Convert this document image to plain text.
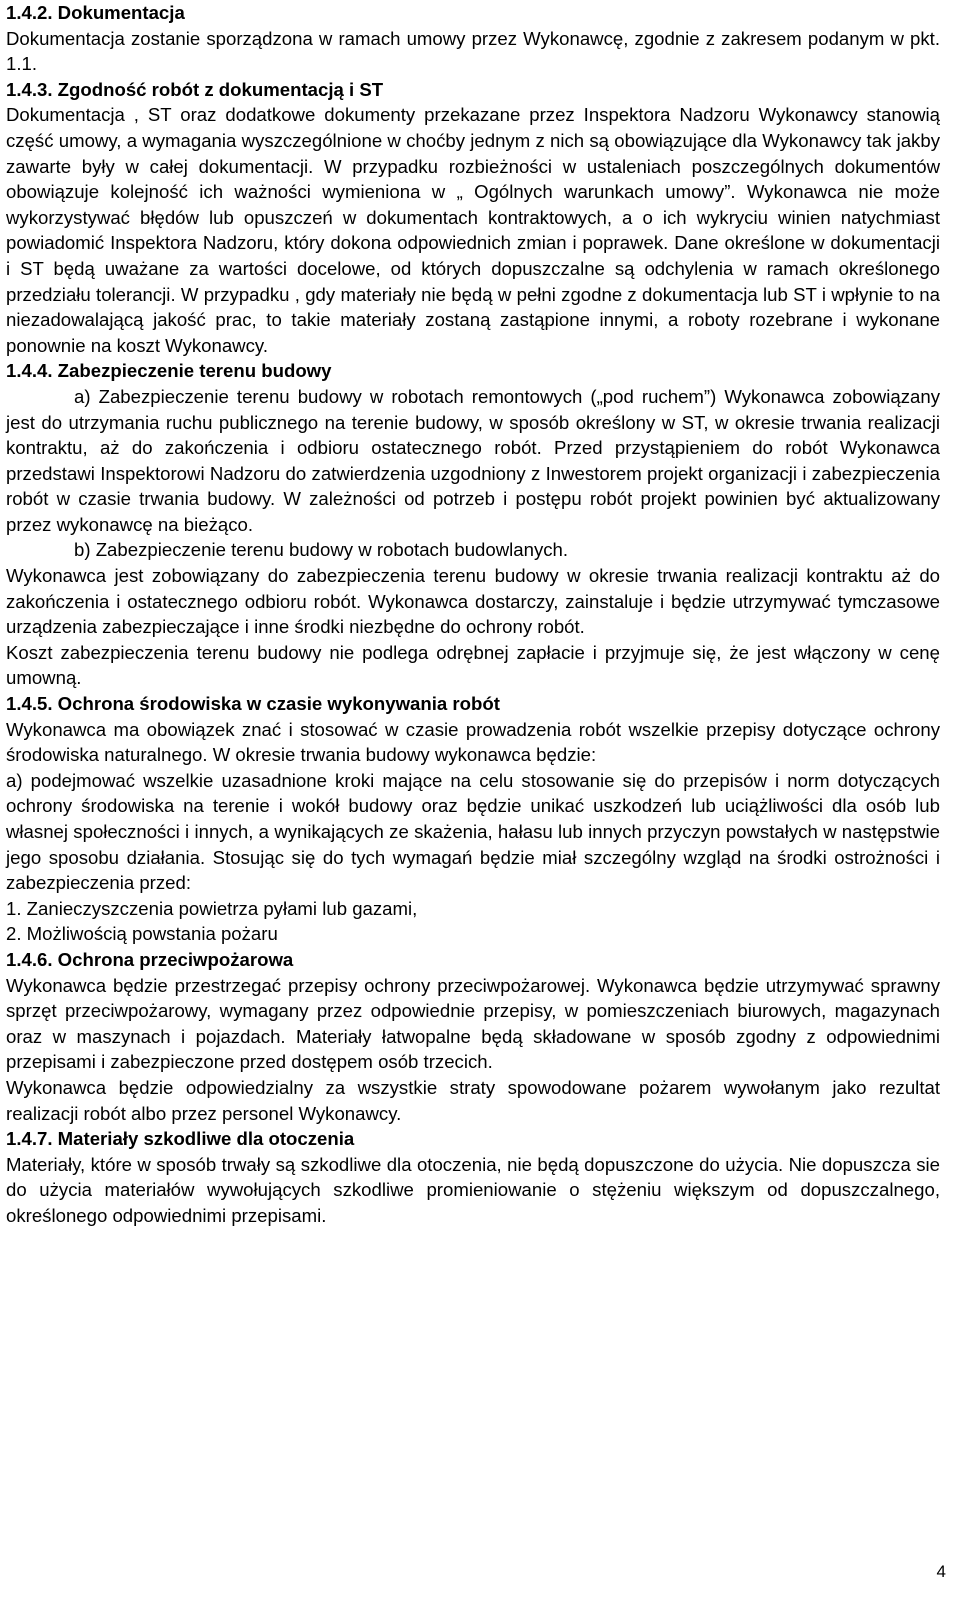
1.4.2. Dokumentacja

Dokumentacja zostanie sporządzona w ramach umowy przez Wykonawcę, zgodnie z zakresem podanym w pkt. 1.1.

1.4.3. Zgodność robót z dokumentacją i ST

Dokumentacja , ST oraz dodatkowe dokumenty przekazane przez Inspektora Nadzoru Wykonawcy stanowią część umowy, a wymagania wyszczególnione w choćby jednym z nich są obowiązujące dla Wykonawcy tak jakby zawarte były w całej dokumentacji. W przypadku rozbieżności w ustaleniach poszczególnych dokumentów obowiązuje kolejność ich ważności wymieniona w „ Ogólnych warunkach umowy”. Wykonawca nie może wykorzystywać błędów lub opuszczeń w dokumentach kontraktowych, a o ich wykryciu winien natychmiast powiadomić Inspektora Nadzoru, który dokona odpowiednich zmian i poprawek. Dane określone w dokumentacji i ST będą uważane za wartości docelowe, od których dopuszczalne są odchylenia w ramach określonego przedziału tolerancji. W przypadku , gdy materiały nie będą w pełni zgodne z dokumentacja lub ST i wpłynie to na niezadowalającą jakość prac, to takie materiały zostaną zastąpione innymi, a roboty rozebrane i wykonane ponownie na koszt Wykonawcy.

1.4.4. Zabezpieczenie terenu budowy

a) Zabezpieczenie terenu budowy w robotach remontowych („pod ruchem”) Wykonawca zobowiązany jest do utrzymania ruchu publicznego na terenie budowy, w sposób określony w ST, w okresie trwania realizacji kontraktu, aż do zakończenia i odbioru ostatecznego robót. Przed przystąpieniem do robót Wykonawca przedstawi Inspektorowi Nadzoru do zatwierdzenia uzgodniony z Inwestorem projekt organizacji i zabezpieczenia robót w czasie trwania budowy. W zależności od potrzeb i postępu robót projekt powinien być aktualizowany przez wykonawcę na bieżąco.

b) Zabezpieczenie terenu budowy w robotach budowlanych.

Wykonawca jest zobowiązany do zabezpieczenia terenu budowy w okresie trwania realizacji kontraktu aż do zakończenia i ostatecznego odbioru robót. Wykonawca dostarczy, zainstaluje i będzie utrzymywać tymczasowe urządzenia zabezpieczające i inne środki niezbędne do ochrony robót.

Koszt zabezpieczenia terenu budowy nie podlega odrębnej zapłacie i przyjmuje się, że jest włączony w cenę umowną.

1.4.5. Ochrona środowiska w czasie wykonywania robót

Wykonawca ma obowiązek znać i stosować w czasie prowadzenia robót wszelkie przepisy dotyczące ochrony środowiska naturalnego. W okresie trwania budowy wykonawca będzie:

a) podejmować wszelkie uzasadnione kroki mające na celu stosowanie się do przepisów i norm dotyczących ochrony środowiska na terenie i wokół budowy oraz będzie unikać uszkodzeń lub uciążliwości dla osób lub własnej społeczności i innych, a wynikających ze skażenia, hałasu lub innych przyczyn powstałych w następstwie jego sposobu działania. Stosując się do tych wymagań będzie miał szczególny wzgląd na środki ostrożności i zabezpieczenia przed:

1. Zanieczyszczenia powietrza pyłami lub gazami,

2. Możliwością powstania pożaru

1.4.6. Ochrona przeciwpożarowa

Wykonawca będzie przestrzegać przepisy ochrony przeciwpożarowej. Wykonawca będzie utrzymywać sprawny sprzęt przeciwpożarowy, wymagany przez odpowiednie przepisy, w pomieszczeniach biurowych, magazynach oraz w maszynach i pojazdach. Materiały łatwopalne będą składowane w sposób zgodny z odpowiednimi przepisami i zabezpieczone przed dostępem osób trzecich.

Wykonawca będzie odpowiedzialny za wszystkie straty spowodowane pożarem wywołanym jako rezultat realizacji robót albo przez personel Wykonawcy.

1.4.7. Materiały szkodliwe dla otoczenia

Materiały, które w sposób trwały są szkodliwe dla otoczenia, nie będą dopuszczone do użycia. Nie dopuszcza sie do użycia materiałów wywołujących szkodliwe promieniowanie o stężeniu większym od dopuszczalnego, określonego odpowiednimi przepisami.

4
